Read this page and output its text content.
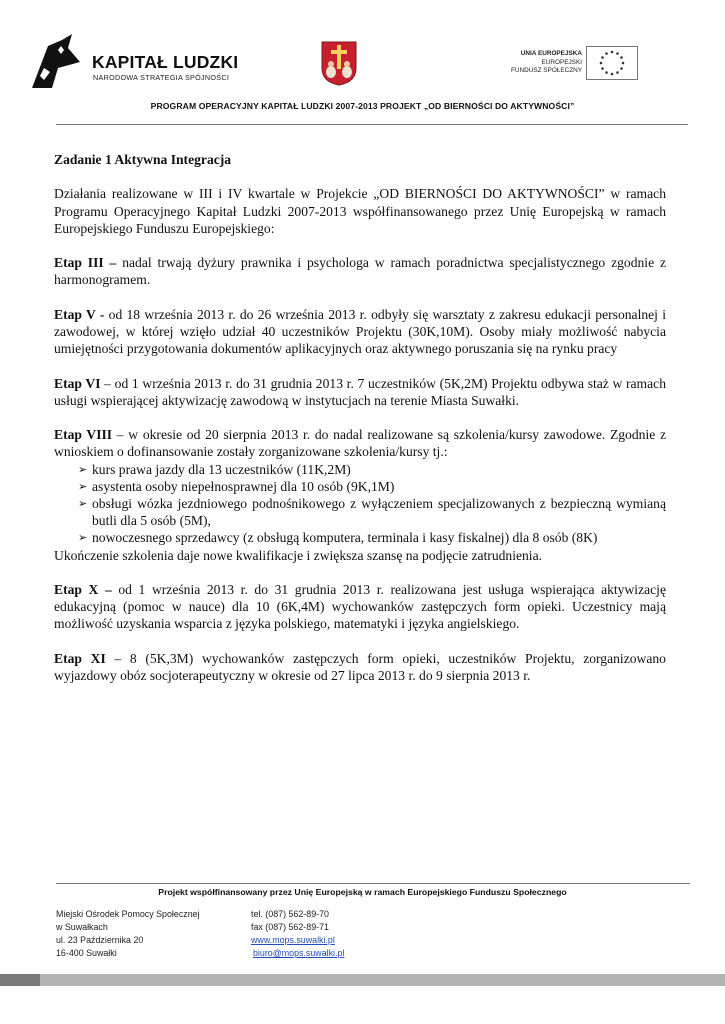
KAPITAŁ LUDZKI
NARODOWA STRATEGIA SPÓJNOŚCI
UNIA EUROPEJSKA
EUROPEJSKI
FUNDUSZ SPOŁECZNY
PROGRAM OPERACYJNY KAPITAŁ LUDZKI 2007-2013 PROJEKT „OD BIERNOŚCI DO AKTYWNOŚCI”

Zadanie 1 Aktywna Integracja

Działania realizowane w III i IV kwartale w Projekcie „OD BIERNOŚCI DO AKTYWNOŚCI” w ramach Programu Operacyjnego Kapitał Ludzki 2007-2013 współfinansowanego przez Unię Europejską w ramach Europejskiego Funduszu Europejskiego:

Etap III – nadal trwają dyżury prawnika i psychologa w ramach poradnictwa specjalistycznego zgodnie z harmonogramem.

Etap V - od 18 września 2013 r. do 26 września 2013 r. odbyły się warsztaty z zakresu edukacji personalnej i zawodowej, w której wzięło udział 40 uczestników Projektu (30K,10M). Osoby miały możliwość nabycia umiejętności przygotowania dokumentów aplikacyjnych oraz aktywnego poruszania się na rynku pracy

Etap VI – od 1 września 2013 r. do 31 grudnia 2013 r. 7 uczestników (5K,2M) Projektu odbywa staż w ramach usługi wspierającej aktywizację zawodową w instytucjach na terenie Miasta Suwałki.

Etap VIII – w okresie od 20 sierpnia 2013 r. do nadal realizowane są szkolenia/kursy zawodowe. Zgodnie z wnioskiem o dofinansowanie zostały zorganizowane szkolenia/kursy tj.:

➢ kurs prawa jazdy dla 13 uczestników (11K,2M)
➢ asystenta osoby niepełnosprawnej dla 10 osób (9K,1M)
➢ obsługi wózka jezdniowego podnośnikowego z wyłączeniem specjalizowanych z bezpieczną wymianą butli dla 5 osób (5M),
➢ nowoczesnego sprzedawcy (z obsługą komputera, terminala i kasy fiskalnej) dla 8 osób (8K)

Ukończenie szkolenia daje nowe kwalifikacje i zwiększa szansę na podjęcie zatrudnienia.

Etap X – od 1 września 2013 r. do 31 grudnia 2013 r. realizowana jest usługa wspierająca aktywizację edukacyjną (pomoc w nauce) dla 10 (6K,4M) wychowanków zastępczych form opieki. Uczestnicy mają możliwość uzyskania wsparcia z języka polskiego, matematyki i języka angielskiego.

Etap XI – 8 (5K,3M) wychowanków zastępczych form opieki, uczestników Projektu, zorganizowano wyjazdowy obóz socjoterapeutyczny w okresie od 27 lipca 2013 r. do 9 sierpnia 2013 r.

Projekt współfinansowany przez Unię Europejską w ramach Europejskiego Funduszu Społecznego
Miejski Ośrodek Pomocy Społecznej
w Suwałkach
ul. 23 Października 20
16-400 Suwałki
tel. (087) 562-89-70
fax (087) 562-89-71
www.mops.suwalki.pl
biuro@mops.suwalki.pl
